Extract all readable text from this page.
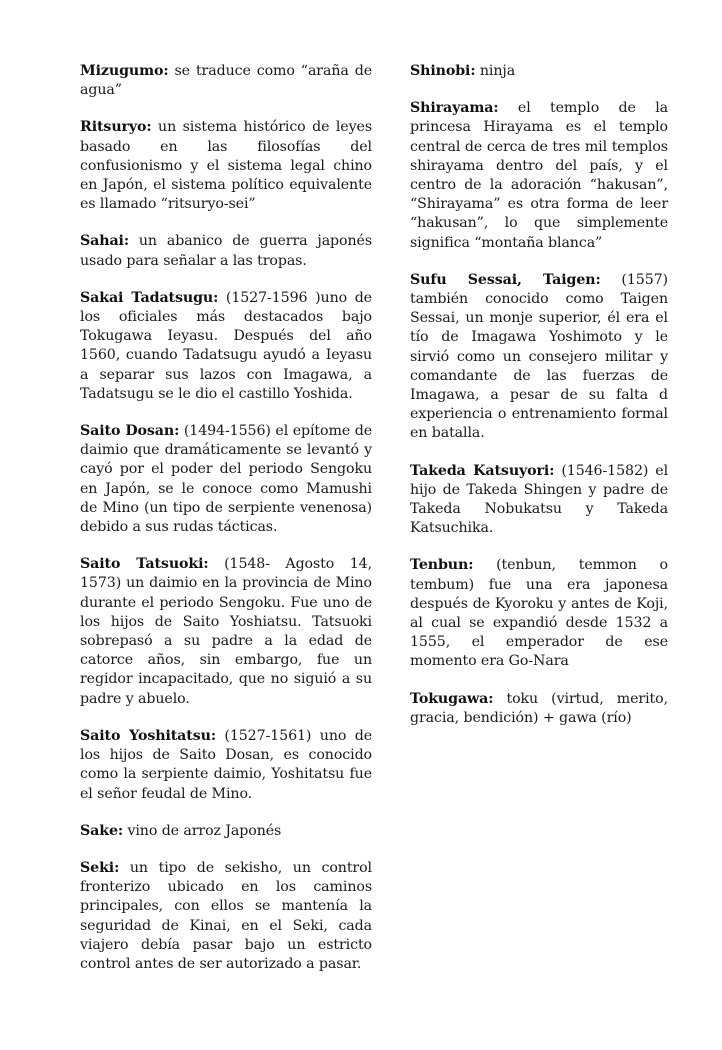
Mizugumo: se traduce como “araña de agua”

Ritsuryo: un sistema histórico de leyes basado en las filosofías del confusionismo y el sistema legal chino en Japón, el sistema político equivalente es llamado “ritsuryo-sei”

Sahai: un abanico de guerra japonés usado para señalar a las tropas.

Sakai Tadatsugu: (1527-1596 )uno de los oficiales más destacados bajo Tokugawa Ieyasu. Después del año 1560, cuando Tadatsugu ayudó a Ieyasu a separar sus lazos con Imagawa, a Tadatsugu se le dio el castillo Yoshida.

Saito Dosan: (1494-1556) el epítome de daimio que dramáticamente se levantó y cayó por el poder del periodo Sengoku en Japón, se le conoce como Mamushi de Mino (un tipo de serpiente venenosa) debido a sus rudas tácticas.

Saito Tatsuoki: (1548- Agosto 14, 1573) un daimio en la provincia de Mino durante el periodo Sengoku. Fue uno de los hijos de Saito Yoshiatsu. Tatsuoki sobrepasó a su padre a la edad de catorce años, sin embargo, fue un regidor incapacitado, que no siguió a su padre y abuelo.

Saito Yoshitatsu: (1527-1561) uno de los hijos de Saito Dosan, es conocido como la serpiente daimio, Yoshitatsu fue el señor feudal de Mino.

Sake: vino de arroz Japonés

Seki: un tipo de sekisho, un control fronterizo ubicado en los caminos principales, con ellos se mantenía la seguridad de Kinai, en el Seki, cada viajero debía pasar bajo un estricto control antes de ser autorizado a pasar.

Shinobi: ninja

Shirayama: el templo de la princesa Hirayama es el templo central de cerca de tres mil templos shirayama dentro del país, y el centro de la adoración “hakusan”, “Shirayama” es otra forma de leer “hakusan”, lo que simplemente significa “montaña blanca”

Sufu Sessai, Taigen: (1557) también conocido como Taigen Sessai, un monje superior, él era el tío de Imagawa Yoshimoto y le sirvió como un consejero militar y comandante de las fuerzas de Imagawa, a pesar de su falta d experiencia o entrenamiento formal en batalla.

Takeda Katsuyori: (1546-1582) el hijo de Takeda Shingen y padre de Takeda Nobukatsu y Takeda Katsuchika.

Tenbun: (tenbun, temmon o tembum) fue una era japonesa después de Kyoroku y antes de Koji, al cual se expandió desde 1532 a 1555, el emperador de ese momento era Go-Nara

Tokugawa: toku (virtud, merito, gracia, bendición) + gawa (río)
